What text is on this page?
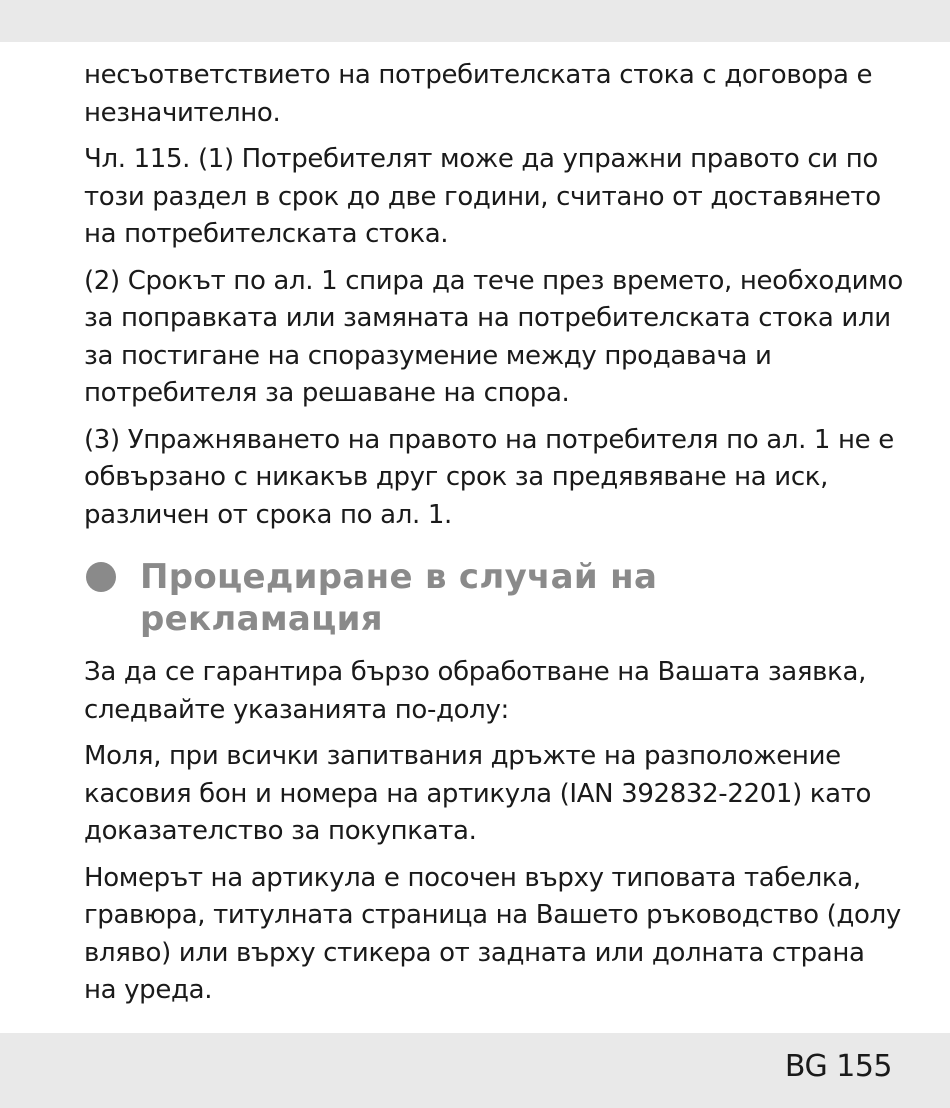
несъответствието на потребителската стока с договора е незначително.

Чл. 115. (1) Потребителят може да упражни правото си по този раздел в срок до две години, считано от доставянето на потребителската стока.

(2) Срокът по ал. 1 спира да тече през времето, необходимо за поправката или замяната на потребителската стока или за постигане на споразумение между продавача и потребителя за решаване на спора.

(3) Упражняването на правото на потребителя по ал. 1 не е обвързано с никакъв друг срок за предявяване на иск, различен от срока по ал. 1.

Процедиране в случай на рекламация

За да се гарантира бързо обработване на Вашата заявка, следвайте указанията по-долу:

Моля, при всички запитвания дръжте на разположение касовия бон и номера на артикула (IAN 392832-2201) като доказателство за покупката.

Номерът на артикула е посочен върху типовата табелка, гравюра, титулната страница на Вашето ръководство (долу вляво) или върху стикера от задната или долната страна на уреда.

BG 155
